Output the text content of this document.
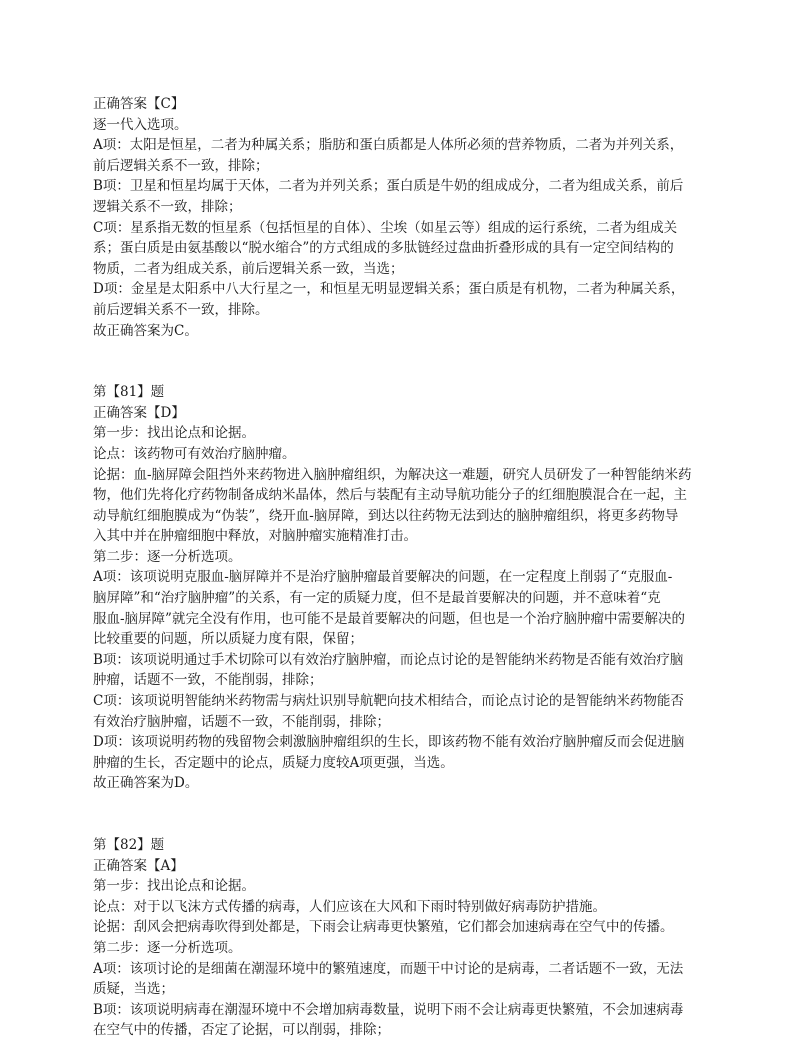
正确答案【C】
逐一代入选项。
A项：太阳是恒星，二者为种属关系；脂肪和蛋白质都是人体所必须的营养物质，二者为并列关系，
前后逻辑关系不一致，排除；
B项：卫星和恒星均属于天体，二者为并列关系；蛋白质是牛奶的组成成分，二者为组成关系，前后
逻辑关系不一致，排除；
C项：星系指无数的恒星系（包括恒星的自体）、尘埃（如星云等）组成的运行系统，二者为组成关
系；蛋白质是由氨基酸以“脱水缩合”的方式组成的多肽链经过盘曲折叠形成的具有一定空间结构的
物质，二者为组成关系，前后逻辑关系一致，当选；
D项：金星是太阳系中八大行星之一，和恒星无明显逻辑关系；蛋白质是有机物，二者为种属关系，
前后逻辑关系不一致，排除。
故正确答案为C。
第【81】题
正确答案【D】
第一步：找出论点和论据。
论点：该药物可有效治疗脑肿瘤。
论据：血-脑屏障会阻挡外来药物进入脑肿瘤组织，为解决这一难题，研究人员研发了一种智能纳米药
物，他们先将化疗药物制备成纳米晶体，然后与装配有主动导航功能分子的红细胞膜混合在一起，主
动导航红细胞膜成为“伪装”，绕开血-脑屏障，到达以往药物无法到达的脑肿瘤组织，将更多药物导
入其中并在肿瘤细胞中释放，对脑肿瘤实施精准打击。
第二步：逐一分析选项。
A项：该项说明克服血-脑屏障并不是治疗脑肿瘤最首要解决的问题，在一定程度上削弱了“克服血-
脑屏障”和“治疗脑肿瘤”的关系，有一定的质疑力度，但不是最首要解决的问题，并不意味着“克
服血-脑屏障”就完全没有作用，也可能不是最首要解决的问题，但也是一个治疗脑肿瘤中需要解决的
比较重要的问题，所以质疑力度有限，保留；
B项：该项说明通过手术切除可以有效治疗脑肿瘤，而论点讨论的是智能纳米药物是否能有效治疗脑
肿瘤，话题不一致，不能削弱，排除；
C项：该项说明智能纳米药物需与病灶识别导航靶向技术相结合，而论点讨论的是智能纳米药物能否
有效治疗脑肿瘤，话题不一致，不能削弱，排除；
D项：该项说明药物的残留物会刺激脑肿瘤组织的生长，即该药物不能有效治疗脑肿瘤反而会促进脑
肿瘤的生长，否定题中的论点，质疑力度较A项更强，当选。
故正确答案为D。
第【82】题
正确答案【A】
第一步：找出论点和论据。
论点：对于以飞沫方式传播的病毒，人们应该在大风和下雨时特别做好病毒防护措施。
论据：刮风会把病毒吹得到处都是，下雨会让病毒更快繁殖，它们都会加速病毒在空气中的传播。
第二步：逐一分析选项。
A项：该项讨论的是细菌在潮湿环境中的繁殖速度，而题干中讨论的是病毒，二者话题不一致，无法
质疑，当选；
B项：该项说明病毒在潮湿环境中不会增加病毒数量，说明下雨不会让病毒更快繁殖，不会加速病毒
在空气中的传播，否定了论据，可以削弱，排除；
